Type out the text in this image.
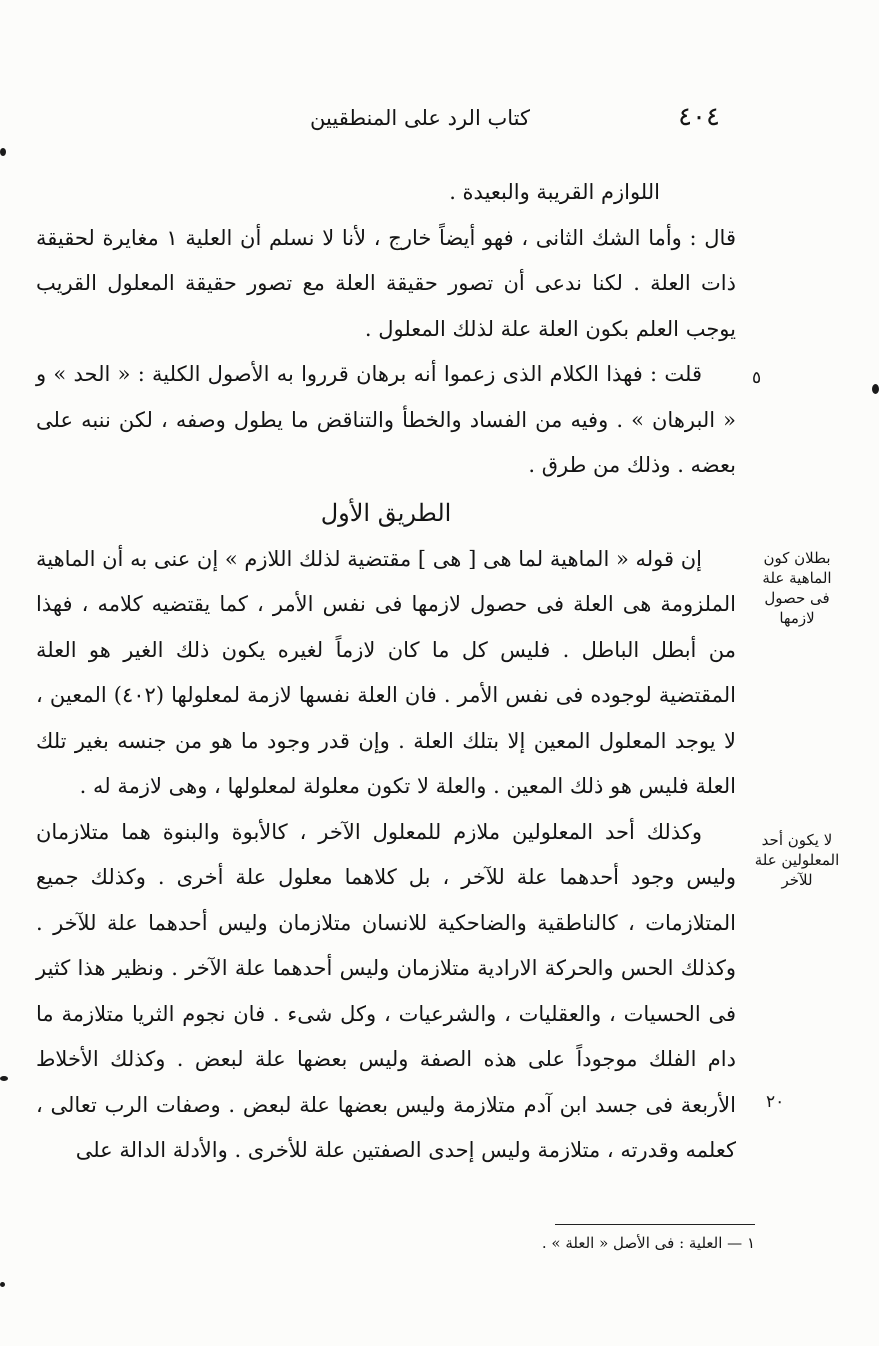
كتاب الرد على المنطقيين	٤٠٤

اللوازم القريبة والبعيدة .

قال : وأما الشك الثانى ، فهو أيضاً خارج ، لأنا لا نسلم أن العلية ١ مغايرة لحقيقة ذات العلة . لكنا ندعى أن تصور حقيقة العلة مع تصور حقيقة المعلول القريب يوجب العلم بكون العلة علة لذلك المعلول .

قلت : فهذا الكلام الذى زعموا أنه برهان قرروا به الأصول الكلية : « الحد » و « البرهان » . وفيه من الفساد والخطأ والتناقض ما يطول وصفه ، لكن ننبه على بعضه . وذلك من طرق .

الطريق الأول

إن قوله « الماهية لما هى [ هى ] مقتضية لذلك اللازم » إن عنى به أن الماهية الملزومة هى العلة فى حصول لازمها فى نفس الأمر ، كما يقتضيه كلامه ، فهذا من أبطل الباطل . فليس كل ما كان لازماً لغيره يكون ذلك الغير هو العلة المقتضية لوجوده فى نفس الأمر . فان العلة نفسها لازمة لمعلولها (٤٠٢) المعين ، لا يوجد المعلول المعين إلا بتلك العلة . وإن قدر وجود ما هو من جنسه بغير تلك العلة فليس هو ذلك المعين . والعلة لا تكون معلولة لمعلولها ، وهى لازمة له .

وكذلك أحد المعلولين ملازم للمعلول الآخر ، كالأبوة والبنوة هما متلازمان وليس وجود أحدهما علة للآخر ، بل كلاهما معلول علة أخرى . وكذلك جميع المتلازمات ، كالناطقية والضاحكية للانسان متلازمان وليس أحدهما علة للآخر . وكذلك الحس والحركة الارادية متلازمان وليس أحدهما علة الآخر . ونظير هذا كثير فى الحسيات ، والعقليات ، والشرعيات ، وكل شىء . فان نجوم الثريا متلازمة ما دام الفلك موجوداً على هذه الصفة وليس بعضها علة لبعض . وكذلك الأخلاط الأربعة فى جسد ابن آدم متلازمة وليس بعضها علة لبعض . وصفات الرب تعالى ، كعلمه وقدرته ، متلازمة وليس إحدى الصفتين علة للأخرى . والأدلة الدالة على

بطلان كون الماهية علة فى حصول لازمها
لا يكون أحد المعلولين علة للآخر
٥
٢٠
١ — العلية : فى الأصل « العلة » .
